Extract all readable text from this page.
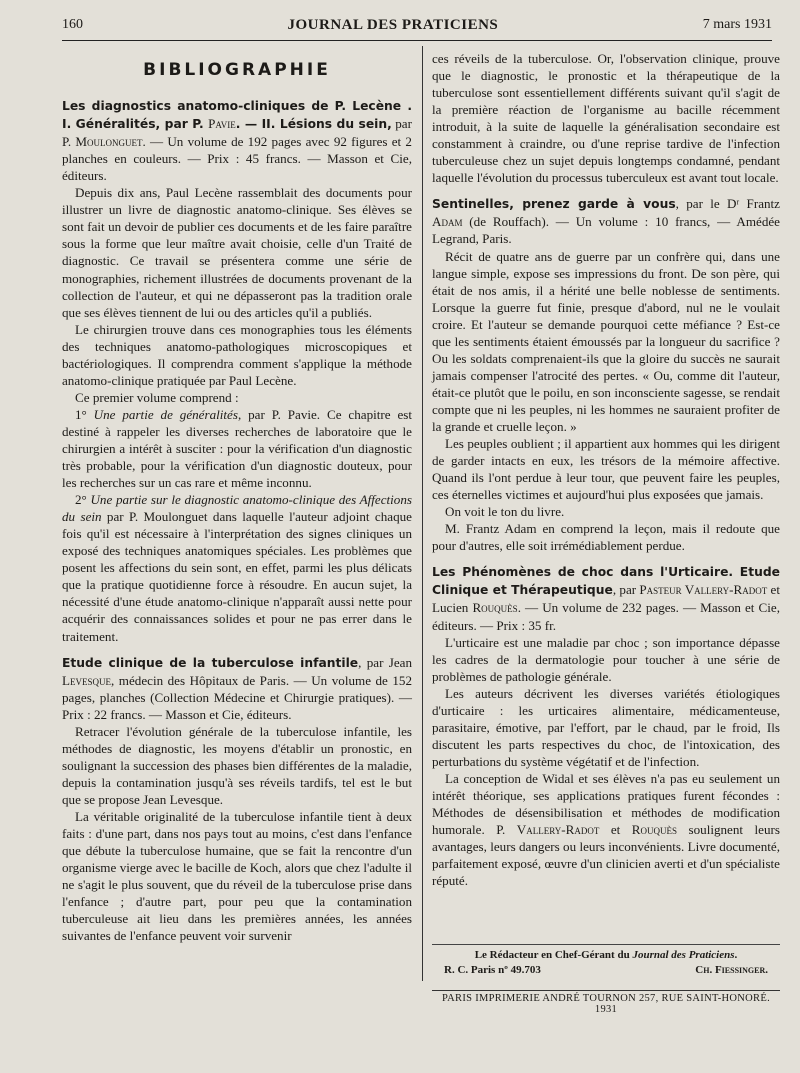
160	JOURNAL DES PRATICIENS	7 mars 1931
BIBLIOGRAPHIE

Les diagnostics anatomo-cliniques de P. Lecène . I. Généralités, par P. Pavie. — II. Lésions du sein, par P. Moulonguet. — Un volume de 192 pages avec 92 figures et 2 planches en couleurs. — Prix : 45 francs. — Masson et Cie, éditeurs.

Depuis dix ans, Paul Lecène rassemblait des documents pour illustrer un livre de diagnostic anatomo-clinique. Ses élèves se sont fait un devoir de publier ces documents et de les faire paraître sous la forme que leur maître avait choisie, celle d'un Traité de diagnostic. Ce travail se présentera comme une série de monographies, richement illustrées de documents provenant de la collection de l'auteur, et qui ne dépasseront pas la tradition orale que ses élèves tiennent de lui ou des articles qu'il a publiés.

Le chirurgien trouve dans ces monographies tous les éléments des techniques anatomo-pathologiques microscopiques et bactériologiques. Il comprendra comment s'applique la méthode anatomo-clinique pratiquée par Paul Lecène.

Ce premier volume comprend :

1° Une partie de généralités, par P. Pavie. Ce chapitre est destiné à rappeler les diverses recherches de laboratoire que le chirurgien a intérêt à susciter : pour la vérification d'un diagnostic très probable, pour la vérification d'un diagnostic douteux, pour les recherches sur un cas rare et même inconnu.

2° Une partie sur le diagnostic anatomo-clinique des Affections du sein par P. Moulonguet dans laquelle l'auteur adjoint chaque fois qu'il est nécessaire à l'interprétation des signes cliniques un exposé des techniques anatomiques spéciales. Les problèmes que posent les affections du sein sont, en effet, parmi les plus délicats que la pratique quotidienne force à résoudre. En aucun sujet, la nécessité d'une étude anatomo-clinique n'apparaît aussi nette pour acquérir des connaissances solides et pour ne pas errer dans le traitement.

Etude clinique de la tuberculose infantile, par Jean Levesque, médecin des Hôpitaux de Paris. — Un volume de 152 pages, planches (Collection Médecine et Chirurgie pratiques). — Prix : 22 francs. — Masson et Cie, éditeurs.

Retracer l'évolution générale de la tuberculose infantile, les méthodes de diagnostic, les moyens d'établir un pronostic, en soulignant la succession des phases bien différentes de la maladie, depuis la contamination jusqu'à ses réveils tardifs, tel est le but que se propose Jean Levesque.

La véritable originalité de la tuberculose infantile tient à deux faits : d'une part, dans nos pays tout au moins, c'est dans l'enfance que débute la tuberculose humaine, que se fait la rencontre d'un organisme vierge avec le bacille de Koch, alors que chez l'adulte il ne s'agit le plus souvent, que du réveil de la tuberculose prise dans l'enfance ; d'autre part, pour peu que la contamination tuberculeuse ait lieu dans les premières années, les années suivantes de l'enfance peuvent voir survenir

ces réveils de la tuberculose. Or, l'observation clinique, prouve que le diagnostic, le pronostic et la thérapeutique de la tuberculose sont essentiellement différents suivant qu'il s'agit de la première réaction de l'organisme au bacille récemment introduit, à la suite de laquelle la généralisation secondaire est constamment à craindre, ou d'une reprise tardive de l'infection tuberculeuse chez un sujet depuis longtemps condamné, pendant laquelle l'évolution du processus tuberculeux est avant tout locale.

Sentinelles, prenez garde à vous, par le Dʳ Frantz Adam (de Rouffach). — Un volume : 10 francs, — Amédée Legrand, Paris.

Récit de quatre ans de guerre par un confrère qui, dans une langue simple, expose ses impressions du front. De son père, qui était de nos amis, il a hérité une belle noblesse de sentiments. Lorsque la guerre fut finie, presque d'abord, nul ne le voulait croire. Et l'auteur se demande pourquoi cette méfiance ? Est-ce que les sentiments étaient émoussés par la longueur du sacrifice ? Ou les soldats comprenaient-ils que la gloire du succès ne saurait jamais compenser l'atrocité des pertes. « Ou, comme dit l'auteur, était-ce plutôt que le poilu, en son inconsciente sagesse, se rendait compte que ni les peuples, ni les hommes ne sauraient profiter de la grande et cruelle leçon. »

Les peuples oublient ; il appartient aux hommes qui les dirigent de garder intacts en eux, les trésors de la mémoire affective. Quand ils l'ont perdue à leur tour, que peuvent faire les peuples, ces éternelles victimes et aujourd'hui plus exposées que jamais.

On voit le ton du livre.

M. Frantz Adam en comprend la leçon, mais il redoute que pour d'autres, elle soit irrémédiablement perdue.

Les Phénomènes de choc dans l'Urticaire. Etude Clinique et Thérapeutique, par Pasteur Vallery-Radot et Lucien Rouquès. — Un volume de 232 pages. — Masson et Cie, éditeurs. — Prix : 35 fr.

L'urticaire est une maladie par choc ; son importance dépasse les cadres de la dermatologie pour toucher à une série de problèmes de pathologie générale.

Les auteurs décrivent les diverses variétés étiologiques d'urticaire : les urticaires alimentaire, médicamenteuse, parasitaire, émotive, par l'effort, par le chaud, par le froid, Ils discutent les parts respectives du choc, de l'intoxication, des perturbations du système végétatif et de l'infection.

La conception de Widal et ses élèves n'a pas eu seulement un intérêt théorique, ses applications pratiques furent fécondes : Méthodes de désensibilisation et méthodes de modification humorale. P. Vallery-Radot et Rouquès soulignent leurs avantages, leurs dangers ou leurs inconvénients. Livre documenté, parfaitement exposé, œuvre d'un clinicien averti et d'un spécialiste réputé.

Le Rédacteur en Chef-Gérant du Journal des Praticiens.
R. C. Paris nº 49.703	Ch. Fiessinger.
PARIS IMPRIMERIE ANDRÉ TOURNON 257, RUE SAINT-HONORÉ. 1931
